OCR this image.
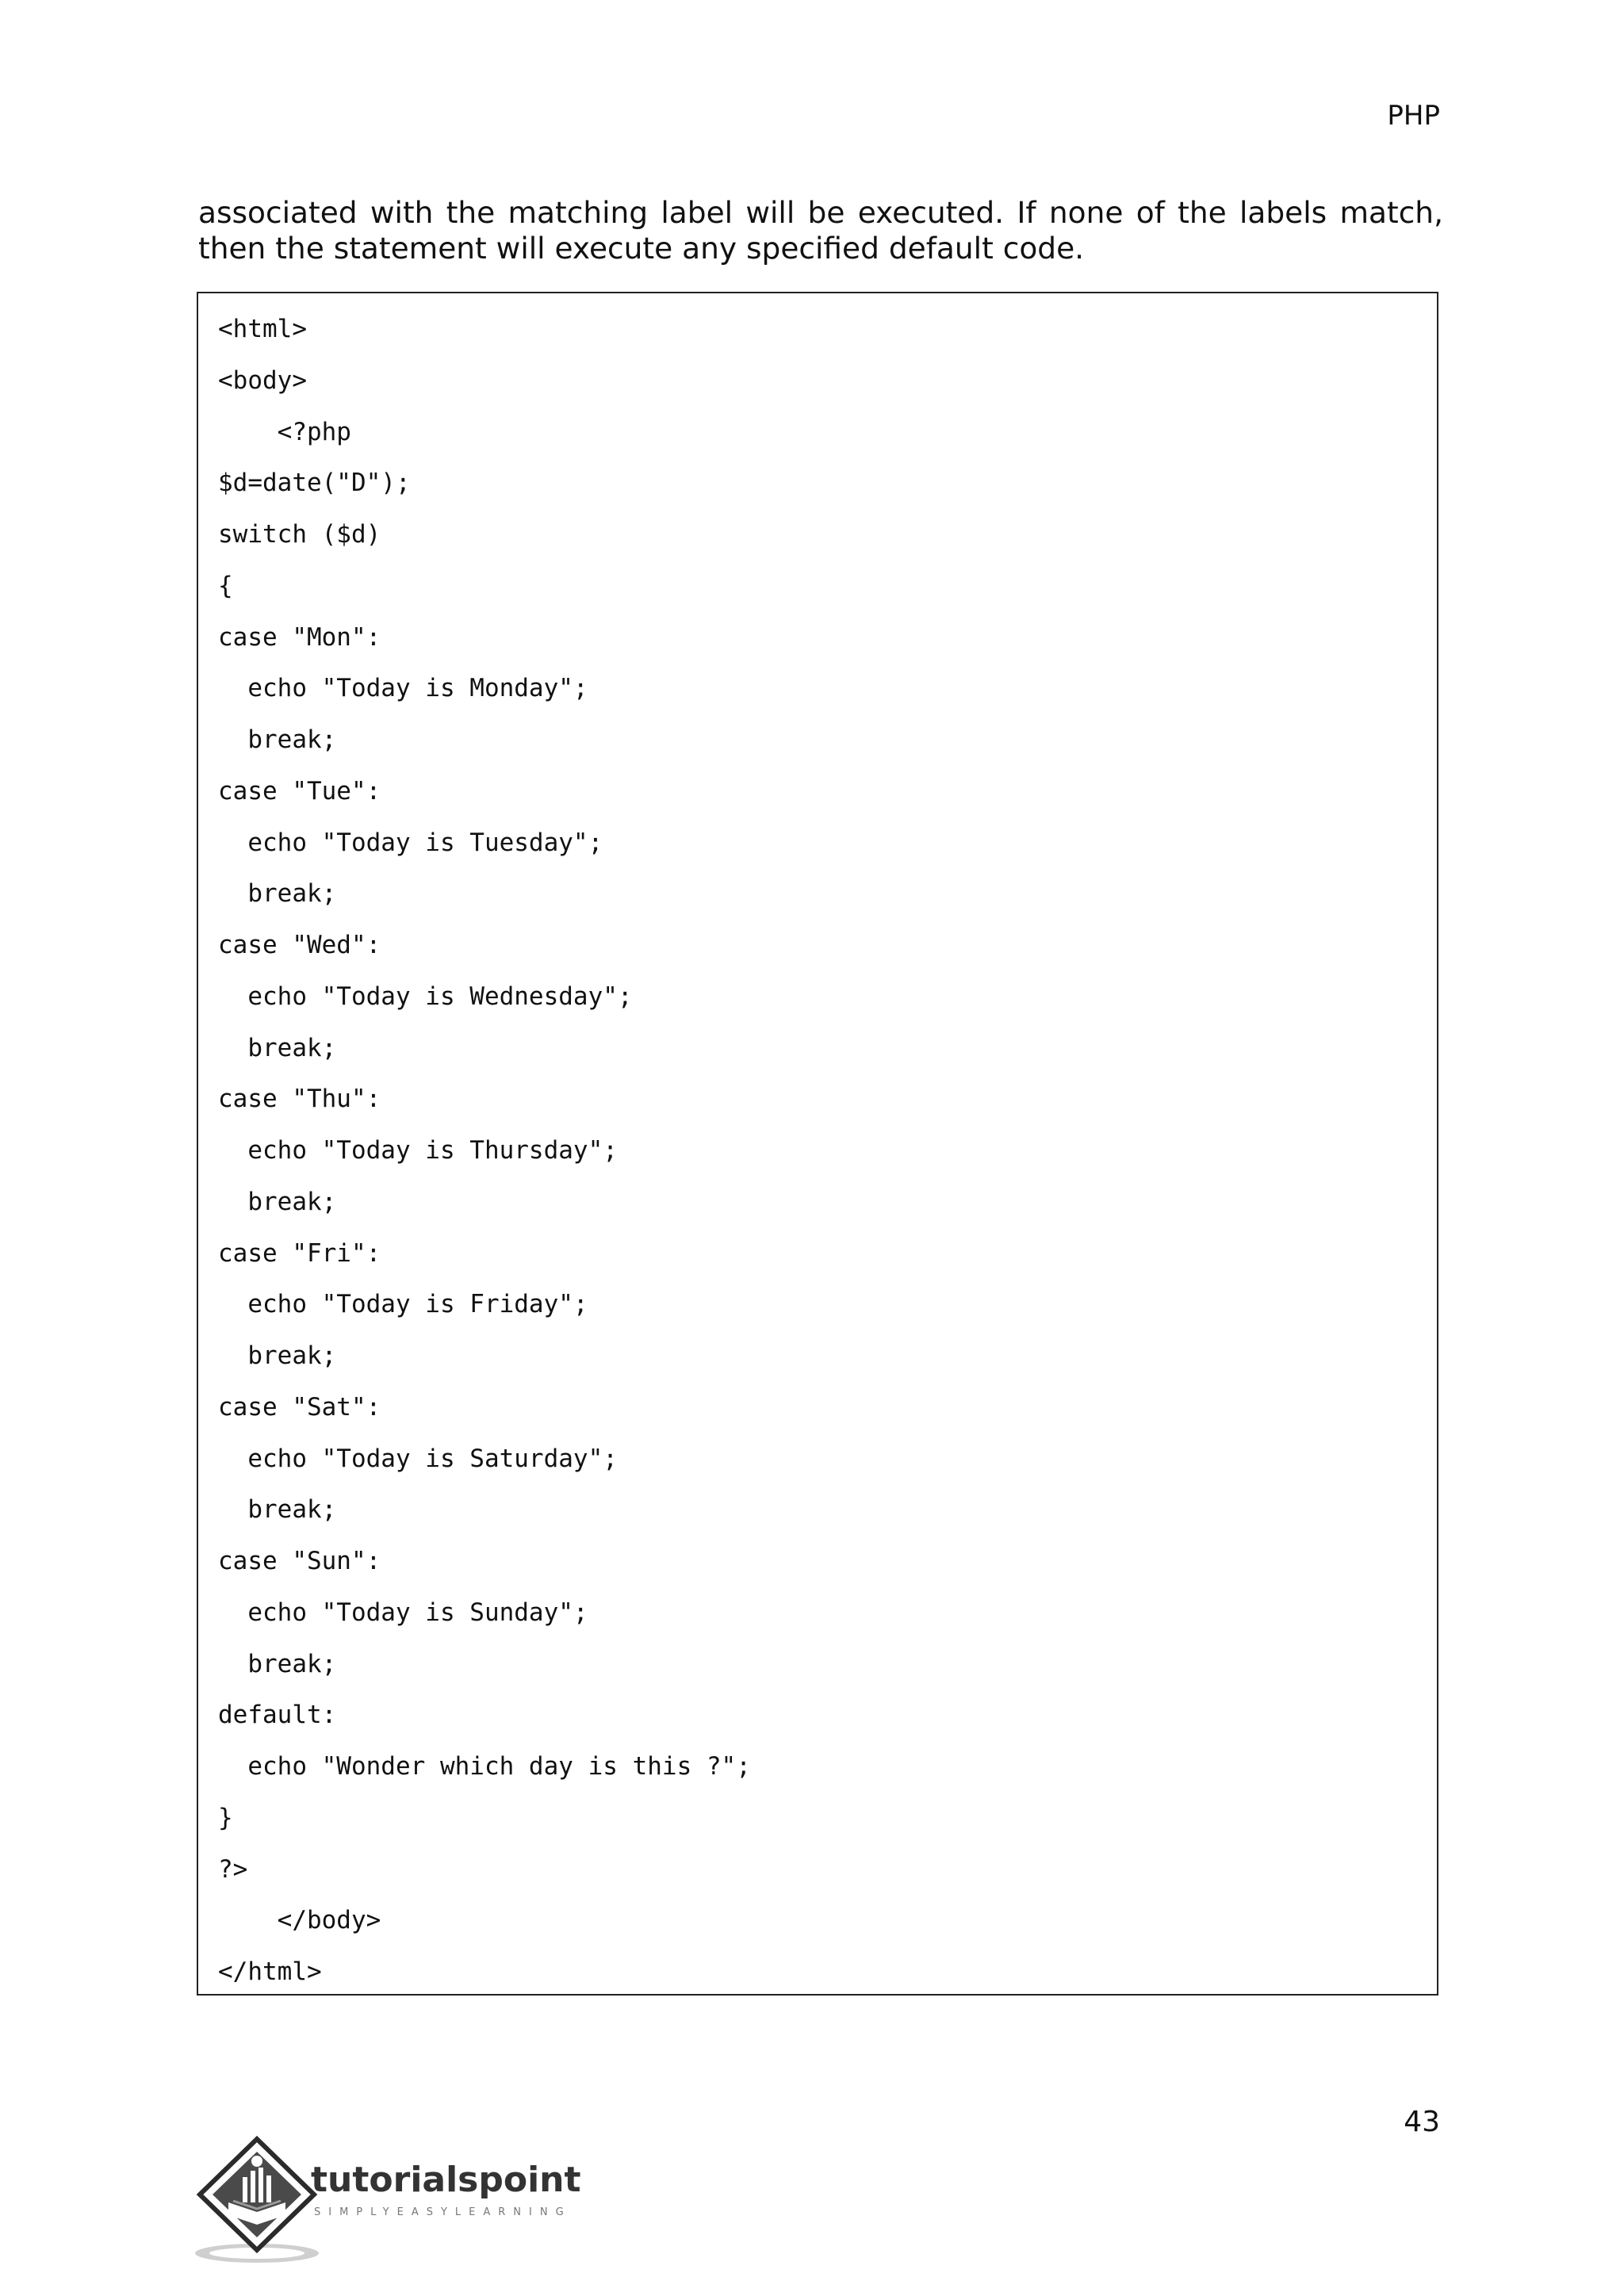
PHP

associated with the matching label will be executed. If none of the labels match, then the statement will execute any specified default code.

<html>
<body>
<?php
$d=date("D");
switch ($d)
{
case "Mon":
echo "Today is Monday";
break;
case "Tue":
echo "Today is Tuesday";
break;
case "Wed":
echo "Today is Wednesday";
break;
case "Thu":
echo "Today is Thursday";
break;
case "Fri":
echo "Today is Friday";
break;
case "Sat":
echo "Today is Saturday";
break;
case "Sun":
echo "Today is Sunday";
break;
default:
echo "Wonder which day is this ?";
}
?>
</body>
</html>
43
tutorialspoint
SIMPLYEASYLEARNING
